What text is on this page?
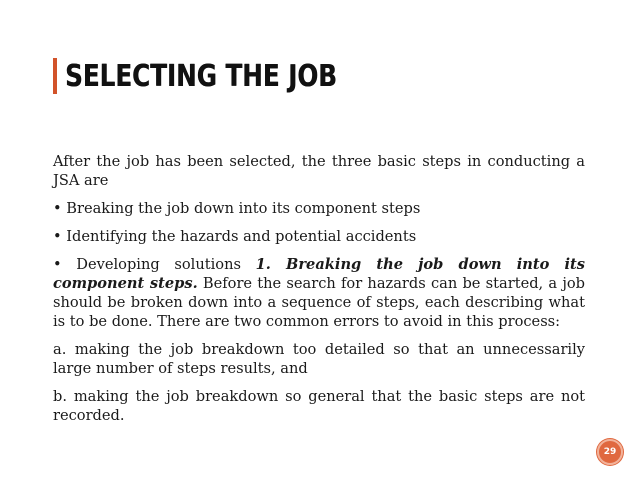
SELECTING THE JOB

After the job has been selected, the three basic steps in conducting a JSA are

• Breaking the job down into its component steps

• Identifying the hazards and potential accidents

• Developing solutions 1. Breaking the job down into its component steps. Before the search for hazards can be started, a job should be broken down into a sequence of steps, each describing what is to be done. There are two common errors to avoid in this process:

a. making the job breakdown too detailed so that an unnecessarily large number of steps results, and

b. making the job breakdown so general that the basic steps are not recorded.

29
